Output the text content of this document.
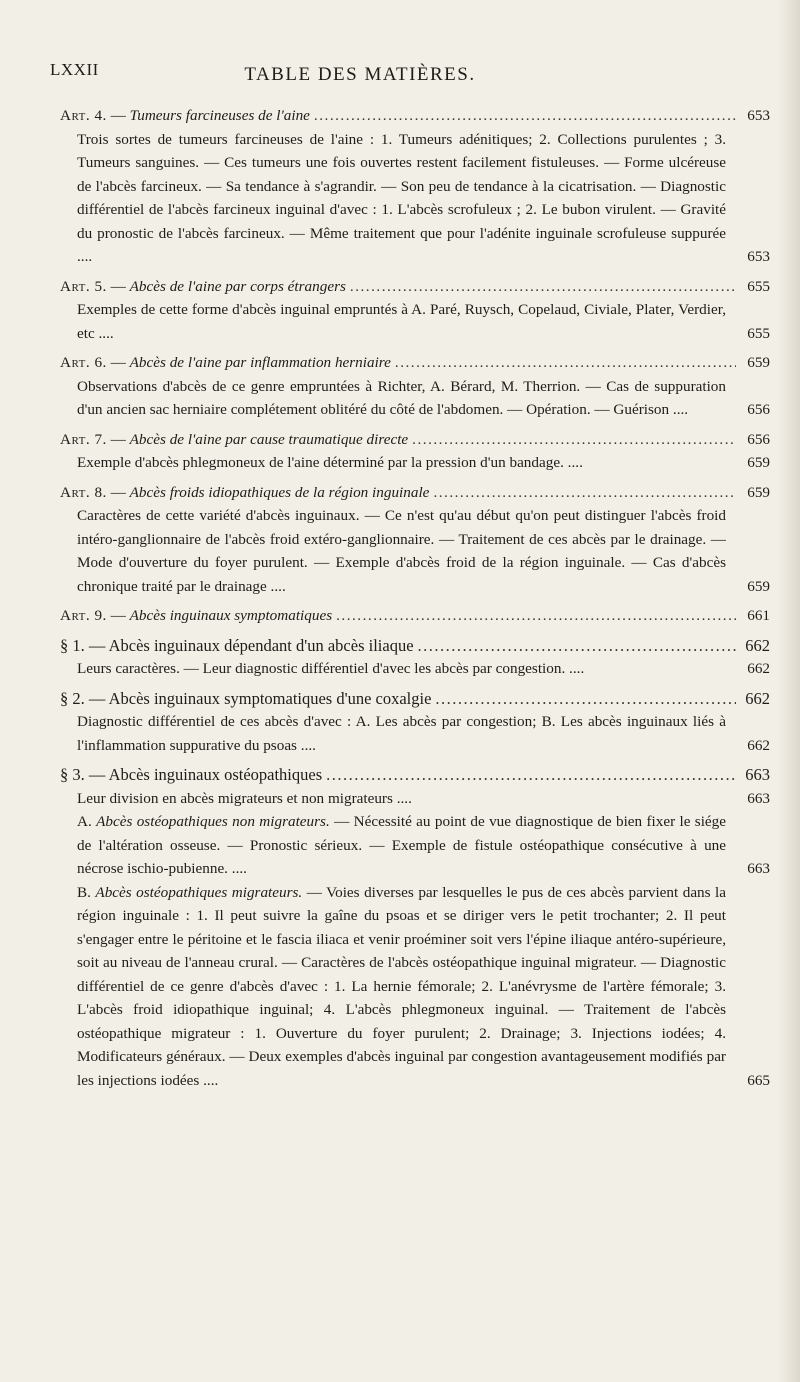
LXXII	TABLE DES MATIÈRES.
Art. 4. — Tumeurs farcineuses de l'aine .....	653
Trois sortes de tumeurs farcineuses de l'aine : 1. Tumeurs adénitiques; 2. Collections purulentes ; 3. Tumeurs sanguines. — Ces tumeurs une fois ouvertes restent facilement fistuleuses. — Forme ulcéreuse de l'abcès farcineux. — Sa tendance à s'agrandir. — Son peu de tendance à la cicatrisation. — Diagnostic différentiel de l'abcès farcineux inguinal d'avec : 1. L'abcès scrofuleux ; 2. Le bubon virulent. — Gravité du pronostic de l'abcès farcineux. — Même traitement que pour l'adénite inguinale scrofuleuse suppurée ....	653
Art. 5. — Abcès de l'aine par corps étrangers .....	655
Exemples de cette forme d'abcès inguinal empruntés à A. Paré, Ruysch, Copelaud, Civiale, Plater, Verdier, etc ....	655
Art. 6. — Abcès de l'aine par inflammation herniaire .....	659
Observations d'abcès de ce genre empruntées à Richter, A. Bérard, M. Therrion. — Cas de suppuration d'un ancien sac herniaire complétement oblitéré du côté de l'abdomen. — Opération. — Guérison ....	656
Art. 7. — Abcès de l'aine par cause traumatique directe .....	656
Exemple d'abcès phlegmoneux de l'aine déterminé par la pression d'un bandage. ....	659
Art. 8. — Abcès froids idiopathiques de la région inguinale .....	659
Caractères de cette variété d'abcès inguinaux. — Ce n'est qu'au début qu'on peut distinguer l'abcès froid intéro-ganglionnaire de l'abcès froid extéro-ganglionnaire. — Traitement de ces abcès par le drainage. — Mode d'ouverture du foyer purulent. — Exemple d'abcès froid de la région inguinale. — Cas d'abcès chronique traité par le drainage ....	659
Art. 9. — Abcès inguinaux symptomatiques .....	661
§ 1. — Abcès inguinaux dépendant d'un abcès iliaque .....	662
Leurs caractères. — Leur diagnostic différentiel d'avec les abcès par congestion. ....	662
§ 2. — Abcès inguinaux symptomatiques d'une coxalgie .....	662
Diagnostic différentiel de ces abcès d'avec : A. Les abcès par congestion; B. Les abcès inguinaux liés à l'inflammation suppurative du psoas ....	662
§ 3. — Abcès inguinaux ostéopathiques .....	663
Leur division en abcès migrateurs et non migrateurs ....	663
A. Abcès ostéopathiques non migrateurs. — Nécessité au point de vue diagnostique de bien fixer le siége de l'altération osseuse. — Pronostic sérieux. — Exemple de fistule ostéopathique consécutive à une nécrose ischio-pubienne. ....	663
B. Abcès ostéopathiques migrateurs. — Voies diverses par lesquelles le pus de ces abcès parvient dans la région inguinale : 1. Il peut suivre la gaîne du psoas et se diriger vers le petit trochanter; 2. Il peut s'engager entre le péritoine et le fascia iliaca et venir proéminer soit vers l'épine iliaque antéro-supérieure, soit au niveau de l'anneau crural. — Caractères de l'abcès ostéopathique inguinal migrateur. — Diagnostic différentiel de ce genre d'abcès d'avec : 1. La hernie fémorale; 2. L'anévrysme de l'artère fémorale; 3. L'abcès froid idiopathique inguinal; 4. L'abcès phlegmoneux inguinal. — Traitement de l'abcès ostéopathique migrateur : 1. Ouverture du foyer purulent; 2. Drainage; 3. Injections iodées; 4. Modificateurs généraux. — Deux exemples d'abcès inguinal par congestion avantageusement modifiés par les injections iodées ....	665
